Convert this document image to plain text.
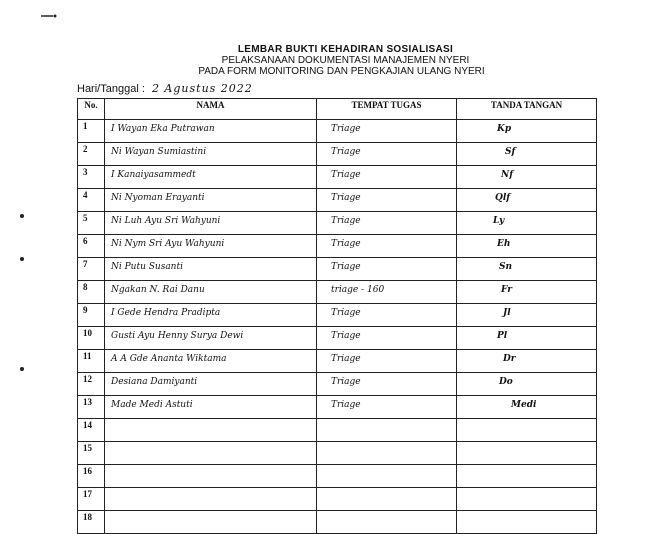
LEMBAR BUKTI KEHADIRAN SOSIALISASI
PELAKSANAAN DOKUMENTASI MANAJEMEN NYERI
PADA FORM MONITORING DAN PENGKAJIAN ULANG NYERI
Hari/Tanggal : 2 Agustus 2022
No.	NAMA	TEMPAT TUGAS	TANDA TANGAN
1	I Wayan Eka Putrawan	Triage	Kp

2	Ni Wayan Sumiastini	Triage	Sf

3	I Kanaiyasammedt	Triage	Nf

4	Ni Nyoman Erayanti	Triage	Qlf

5	Ni Luh Ayu Sri Wahyuni	Triage	Ly

6	Ni Nym Sri Ayu Wahyuni	Triage	Eh

7	Ni Putu Susanti	Triage	Sn

8	Ngakan N. Rai Danu	triage - 160	Fr

9	I Gede Hendra Pradipta	Triage	Jl

10	Gusti Ayu Henny Surya Dewi	Triage	Pl

11	A A Gde Ananta Wiktama	Triage	Dr

12	Desiana Damiyanti	Triage	Do

13	Made Medi Astuti	Triage	Medi

14			

15			

16			

17			

18			
